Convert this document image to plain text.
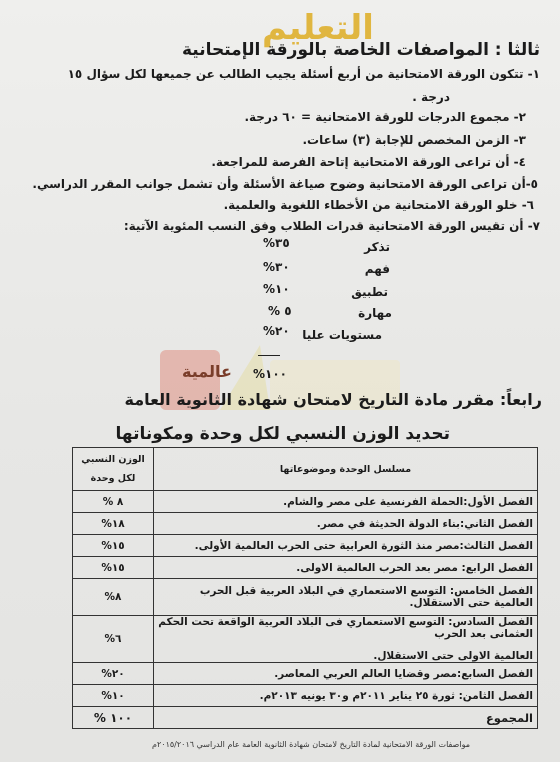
التعليم
عالمية
ثالثا : المواصفات الخاصة بالورقة الإمتحانية
١- تتكون الورقة الامتحانية من أربع أسئلة يجيب الطالب عن جميعها لكل سؤال ١٥
درجة .
٢- مجموع الدرجات للورقة الامتحانية = ٦٠ درجة.
٣- الزمن المخصص للإجابة (٣) ساعات.
٤- أن تراعى الورقة الامتحانية إتاحة الفرصة للمراجعة.
٥-أن تراعى الورقة الامتحانية وضوح صياغة الأسئلة وأن تشمل جوانب المقرر الدراسي.
٦- خلو الورقة الامتحانية من الأخطاء اللغوية والعلمية.
٧- أن تقيس الورقة الامتحانية قدرات الطلاب وفق النسب المئوية الآتية:
تذكر
٣٥%
فهم
٣٠%
تطبيق
١٠%
مهارة
٥ %
مستويات عليا
٢٠%
١٠٠%
رابعاً: مقرر مادة التاريخ لامتحان شهادة الثانوية العامة
تحديد الوزن النسبي لكل وحدة ومكوناتها
مسلسل الوحدة وموضوعاتها	الوزن النسبي
لكل وحدة

الفصل الأول:الحملة الفرنسية على مصر والشام.	٨ %
الفصل الثاني:بناء الدولة الحديثة في مصر.	١٨%
الفصل الثالث:مصر منذ الثورة العرابية حتى الحرب العالمية الأولى.	١٥%
الفصل الرابع: مصر بعد الحرب العالمية الاولى.	١٥%
الفصل الخامس: التوسع الاستعماري في البلاد العربية قبل الحرب العالمية حتى الاستقلال.	٨%

الفصل السادس: التوسع الاستعماري فى البلاد العربية الواقعة تحت الحكم العثمانى بعد الحرب
العالمية الاولى حتى الاستقلال.	٦%
الفصل السابع:مصر وقضايا العالم العربي المعاصر.	٢٠%
الفصل الثامن: ثورة ٢٥ يناير ٢٠١١م و٣٠ يونيه ٢٠١٣م.	١٠%
المجموع	١٠٠ %
مواصفات الورقة الامتحانية لمادة التاريخ لامتحان شهادة الثانوية العامة عام الدراسي ٢٠١٥/٢٠١٦م
